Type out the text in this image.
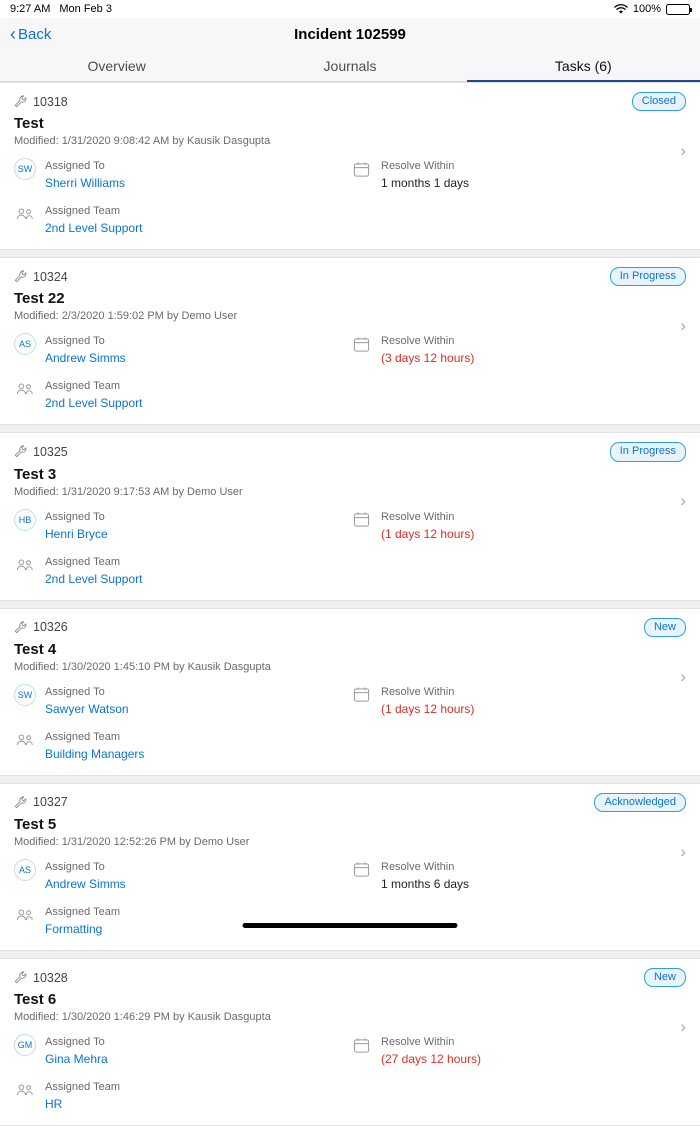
9:27 AM Mon Feb 3	100%
‹ Back	Incident 102599
Overview	Journals	Tasks (6)
10318	Closed
Test
Modified: 1/31/2020 9:08:42 AM by Kausik Dasgupta	›
SW	Assigned To
Sherri Williams
Assigned Team
2nd Level Support
Resolve Within
1 months 1 days
10324	In Progress
Test 22
Modified: 2/3/2020 1:59:02 PM by Demo User	›
AS	Assigned To
Andrew Simms
Assigned Team
2nd Level Support
Resolve Within
(3 days 12 hours)
10325	In Progress
Test 3
Modified: 1/31/2020 9:17:53 AM by Demo User	›
HB	Assigned To
Henri Bryce
Assigned Team
2nd Level Support
Resolve Within
(1 days 12 hours)
10326	New
Test 4
Modified: 1/30/2020 1:45:10 PM by Kausik Dasgupta	›
SW	Assigned To
Sawyer Watson
Assigned Team
Building Managers
Resolve Within
(1 days 12 hours)
10327	Acknowledged
Test 5
Modified: 1/31/2020 12:52:26 PM by Demo User	›
AS	Assigned To
Andrew Simms
Assigned Team
Formatting
Resolve Within
1 months 6 days
10328	New
Test 6
Modified: 1/30/2020 1:46:29 PM by Kausik Dasgupta	›
GM	Assigned To
Gina Mehra
Assigned Team
HR
Resolve Within
(27 days 12 hours)
